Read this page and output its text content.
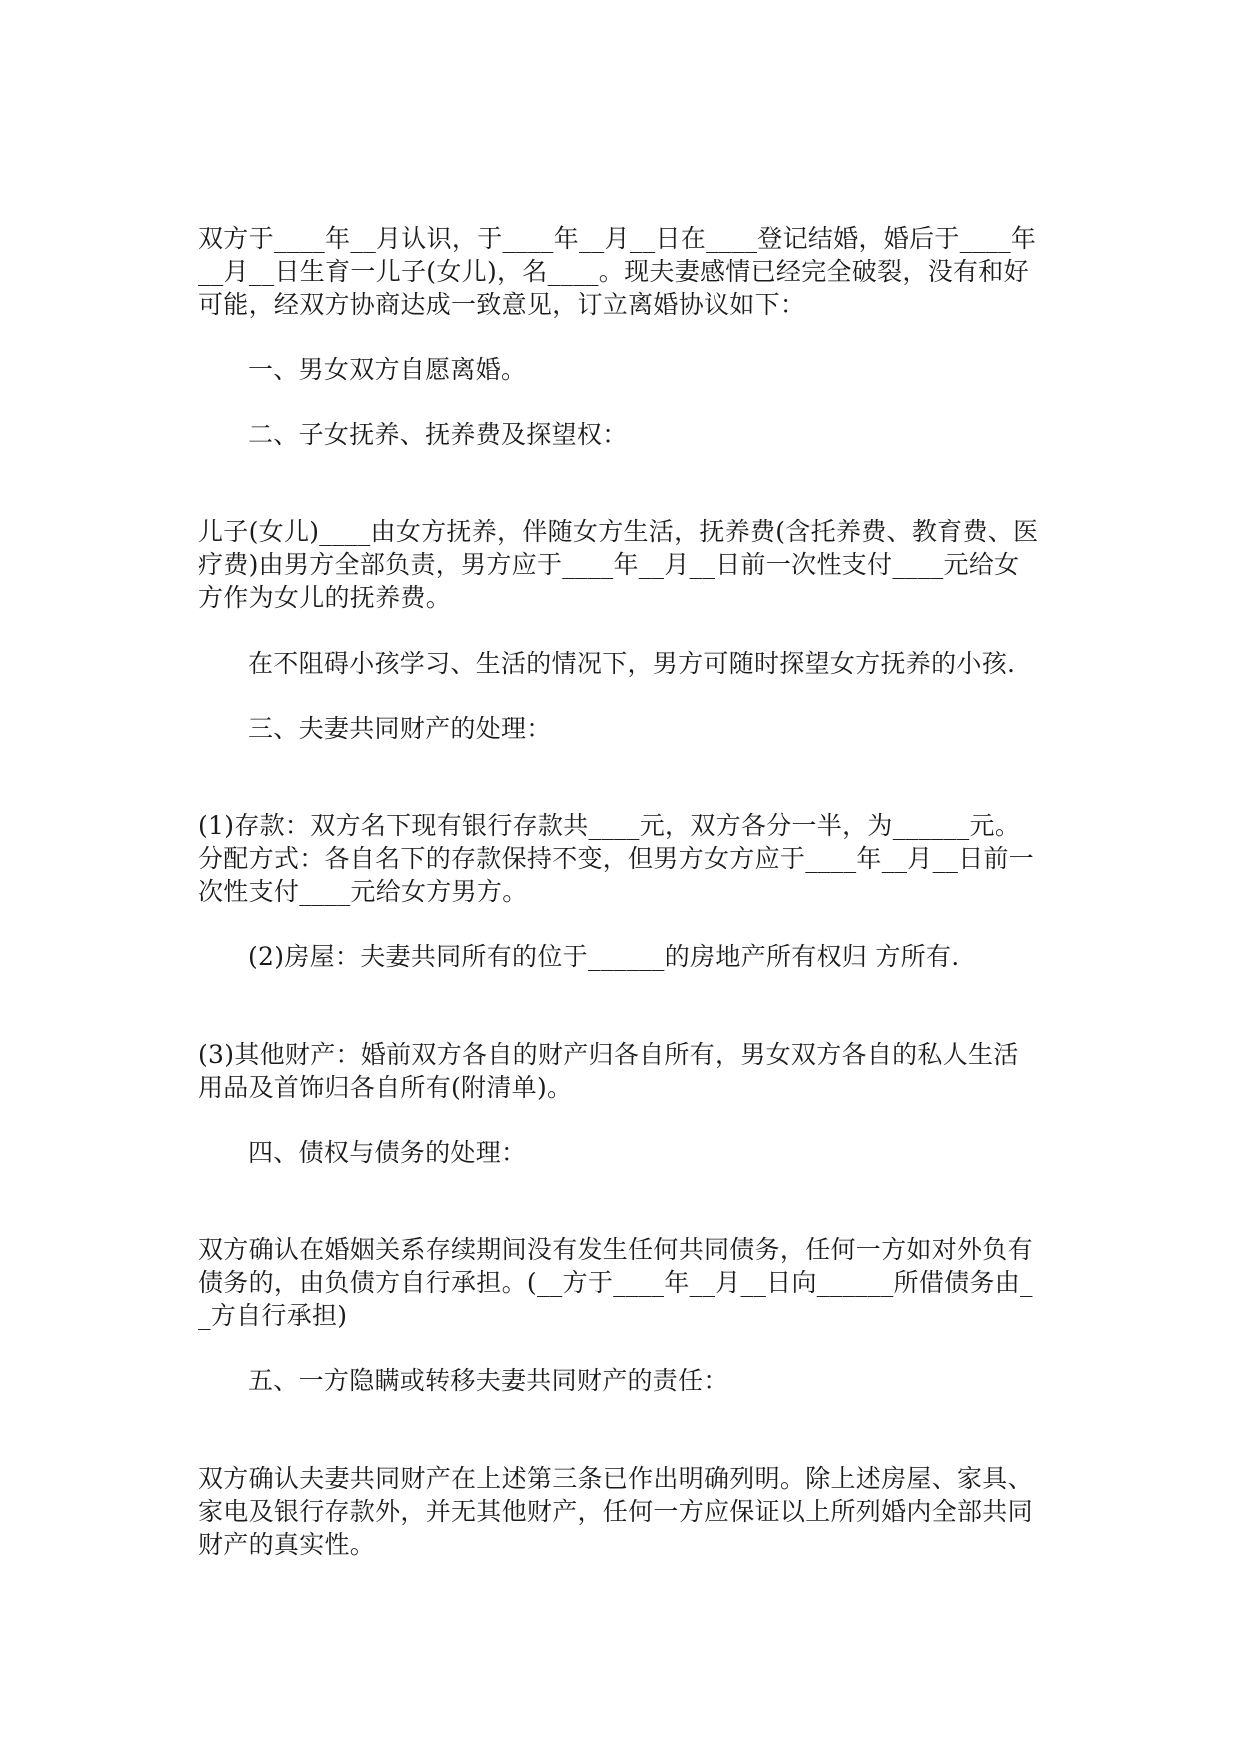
双方于____年__月认识，于____年__月__日在____登记结婚，婚后于____年__月__日生育一儿子(女儿)，名____。现夫妻感情已经完全破裂，没有和好可能，经双方协商达成一致意见，订立离婚协议如下：

一、男女双方自愿离婚。

二、子女抚养、抚养费及探望权：

儿子(女儿)____由女方抚养，伴随女方生活，抚养费(含托养费、教育费、医疗费)由男方全部负责，男方应于____年__月__日前一次性支付____元给女方作为女儿的抚养费。

在不阻碍小孩学习、生活的情况下，男方可随时探望女方抚养的小孩.

三、夫妻共同财产的处理：

(1)存款：双方名下现有银行存款共____元，双方各分一半，为______元。分配方式：各自名下的存款保持不变，但男方女方应于____年__月__日前一次性支付____元给女方男方。

(2)房屋：夫妻共同所有的位于______的房地产所有权归 方所有.

(3)其他财产：婚前双方各自的财产归各自所有，男女双方各自的私人生活用品及首饰归各自所有(附清单)。

四、债权与债务的处理：

双方确认在婚姻关系存续期间没有发生任何共同债务，任何一方如对外负有债务的，由负债方自行承担。(__方于____年__月__日向______所借债务由__方自行承担)

五、一方隐瞒或转移夫妻共同财产的责任：

双方确认夫妻共同财产在上述第三条已作出明确列明。除上述房屋、家具、家电及银行存款外，并无其他财产，任何一方应保证以上所列婚内全部共同财产的真实性。
